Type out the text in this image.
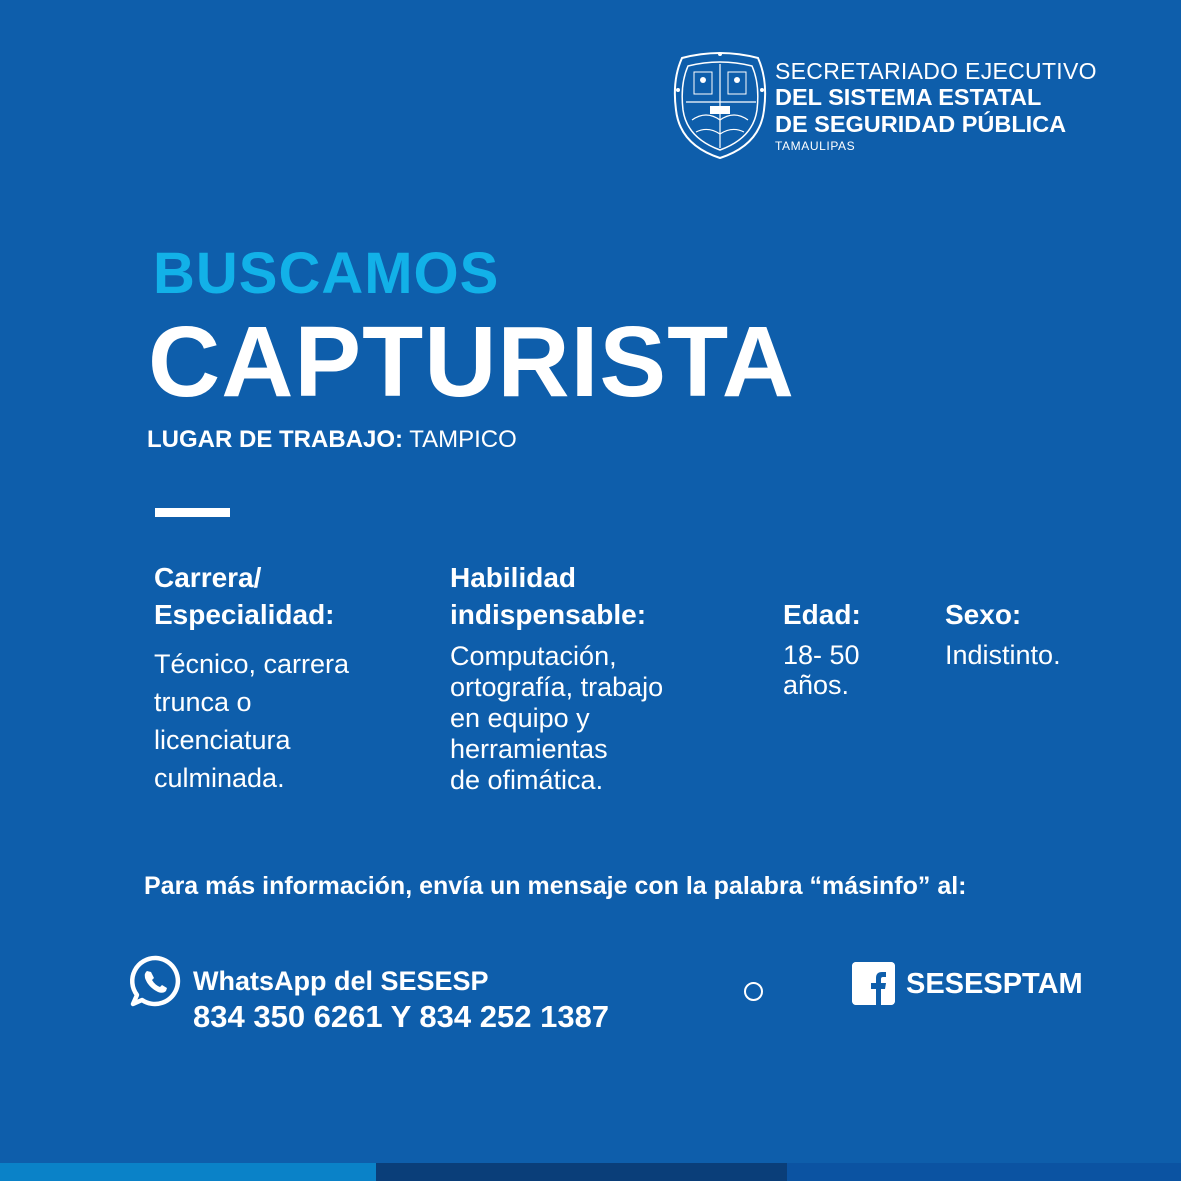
SECRETARIADO EJECUTIVO
DEL SISTEMA ESTATAL
DE SEGURIDAD PÚBLICA
TAMAULIPAS
BUSCAMOS
CAPTURISTA
LUGAR DE TRABAJO: TAMPICO
Carrera/
Especialidad:
Técnico, carrera
trunca o
licenciatura
culminada.
Habilidad
indispensable:
Computación,
ortografía, trabajo
en equipo y
herramientas
de ofimática.
Edad:
18- 50
años.
Sexo:
Indistinto.
Para más información, envía un mensaje con la palabra “másinfo” al:
WhatsApp del SESESP
834 350 6261 Y 834 252 1387
SESESPTAM
